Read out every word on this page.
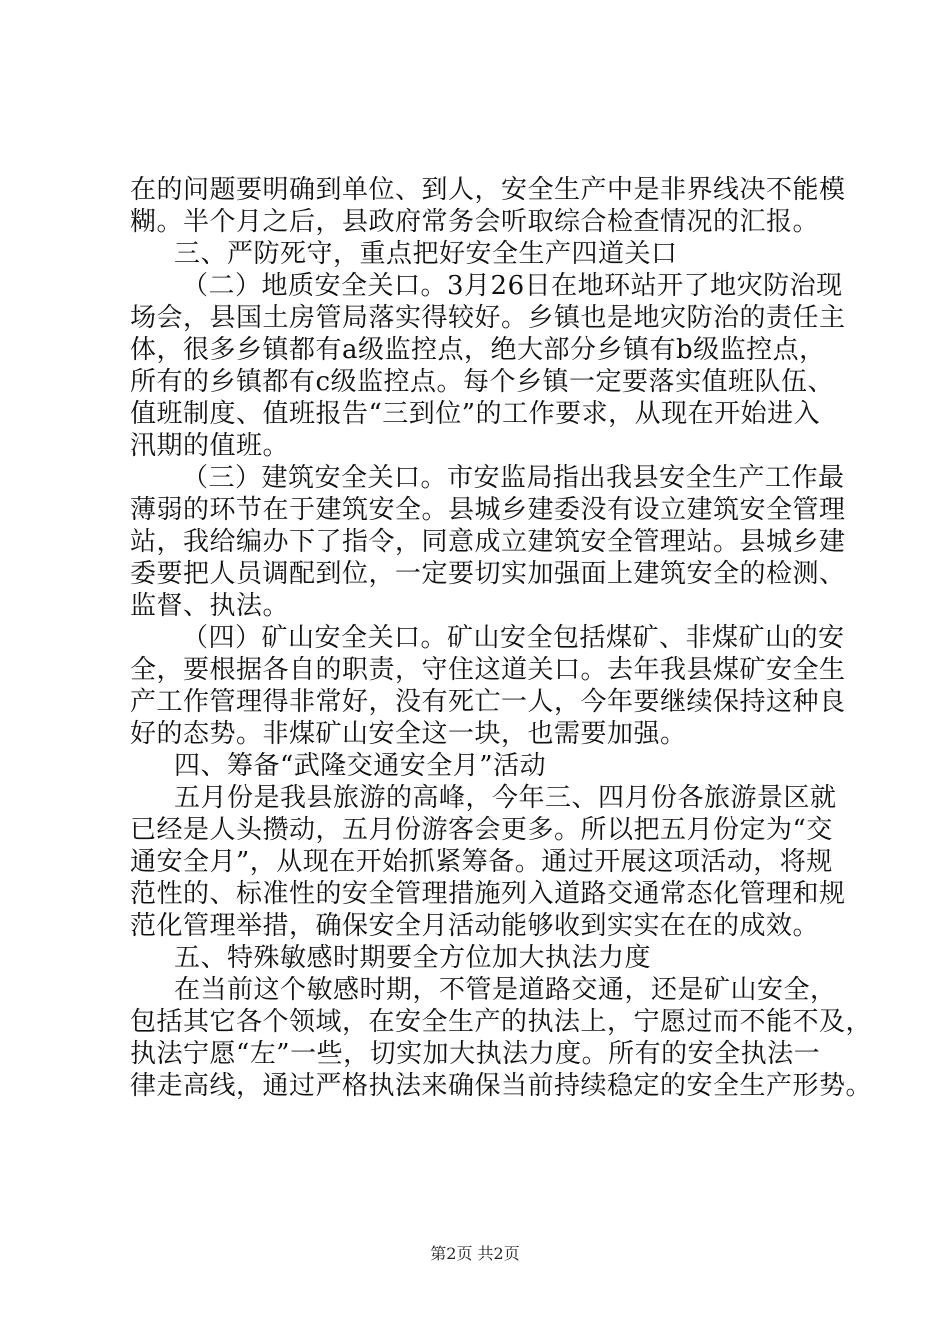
在的问题要明确到单位、到人，安全生产中是非界线决不能模

糊。半个月之后，县政府常务会听取综合检查情况的汇报。

三、严防死守，重点把好安全生产四道关口

（二）地质安全关口。3月26日在地环站开了地灾防治现

场会，县国土房管局落实得较好。乡镇也是地灾防治的责任主

体，很多乡镇都有a级监控点，绝大部分乡镇有b级监控点，

所有的乡镇都有c级监控点。每个乡镇一定要落实值班队伍、

值班制度、值班报告“三到位”的工作要求，从现在开始进入

汛期的值班。

（三）建筑安全关口。市安监局指出我县安全生产工作最

薄弱的环节在于建筑安全。县城乡建委没有设立建筑安全管理

站，我给编办下了指令，同意成立建筑安全管理站。县城乡建

委要把人员调配到位，一定要切实加强面上建筑安全的检测、

监督、执法。

（四）矿山安全关口。矿山安全包括煤矿、非煤矿山的安

全，要根据各自的职责，守住这道关口。去年我县煤矿安全生

产工作管理得非常好，没有死亡一人，今年要继续保持这种良

好的态势。非煤矿山安全这一块，也需要加强。

四、筹备“武隆交通安全月”活动

五月份是我县旅游的高峰，今年三、四月份各旅游景区就

已经是人头攒动，五月份游客会更多。所以把五月份定为“交

通安全月”，从现在开始抓紧筹备。通过开展这项活动，将规

范性的、标准性的安全管理措施列入道路交通常态化管理和规

范化管理举措，确保安全月活动能够收到实实在在的成效。

五、特殊敏感时期要全方位加大执法力度

在当前这个敏感时期，不管是道路交通，还是矿山安全，

包括其它各个领域，在安全生产的执法上，宁愿过而不能不及，

执法宁愿“左”一些，切实加大执法力度。所有的安全执法一

律走高线，通过严格执法来确保当前持续稳定的安全生产形势。

第2页 共2页
